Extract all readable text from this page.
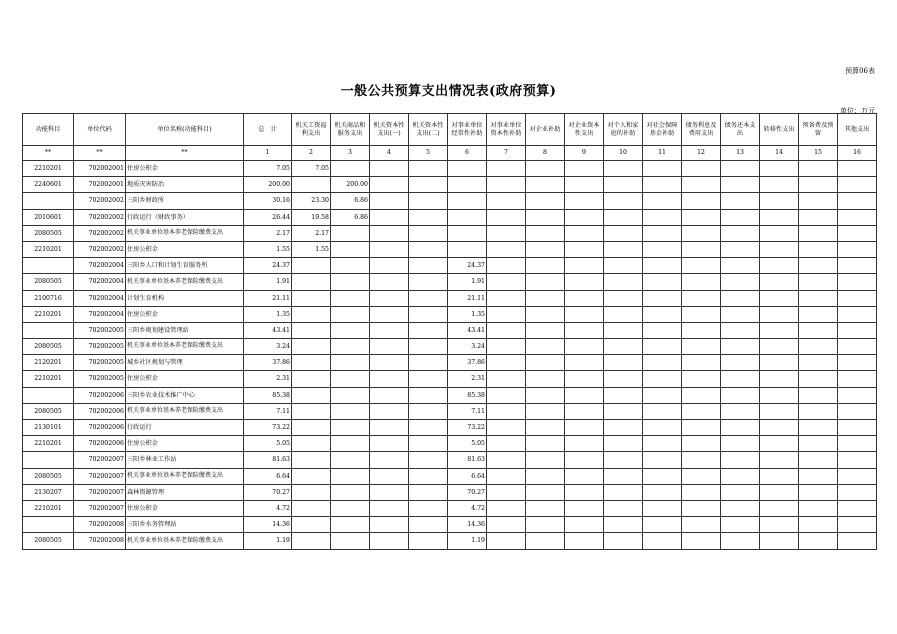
预算06表
一般公共预算支出情况表(政府预算)
单位：万元
功能科目	单位代码	单位名称(功能科目)	总　计	机关工资福利支出	机关商品和服务支出	机关资本性支出(一)	机关资本性支出(二)	对事业单位经常性补助	对事业单位资本性补助	对企业补助	对企业资本性支出	对个人和家庭的补助	对社会保障基金补助	债务利息及费用支出	债务还本支出	转移性支出	预备费及预留	其他支出
**	**	**	1	2	3	4	5	6	7	8	9	10	11	12	13	14	15	16
2210201	702002001	住房公积金	7.05	7.05														
2240601	702002001	地质灾害防治	200.00		200.00													
	702002002	三阳乡财政所	30.16	23.30	6.86													
2010601	702002002	行政运行（财政事务）	26.44	19.58	6.86													
2080505	702002002	机关事业单位基本养老保险缴费支出	2.17	2.17														
2210201	702002002	住房公积金	1.55	1.55														
	702002004	三阳乡人口和计划生育服务所	24.37					24.37										
2080505	702002004	机关事业单位基本养老保险缴费支出	1.91					1.91										
2100716	702002004	计划生育机构	21.11					21.11										
2210201	702002004	住房公积金	1.35					1.35										
	702002005	三阳乡规划建设管理站	43.41					43.41										
2080505	702002005	机关事业单位基本养老保险缴费支出	3.24					3.24										
2120201	702002005	城乡社区规划与管理	37.86					37.86										
2210201	702002005	住房公积金	2.31					2.31										
	702002006	三阳乡农业技术推广中心	85.38					85.38										
2080505	702002006	机关事业单位基本养老保险缴费支出	7.11					7.11										
2130101	702002006	行政运行	73.22					73.22										
2210201	702002006	住房公积金	5.05					5.05										
	702002007	三阳乡林业工作站	81.63					81.63										
2080505	702002007	机关事业单位基本养老保险缴费支出	6.64					6.64										
2130207	702002007	森林资源管理	70.27					70.27										
2210201	702002007	住房公积金	4.72					4.72										
	702002008	三阳乡水务管理站	14.36					14.36										
2080505	702002008	机关事业单位基本养老保险缴费支出	1.19					1.19										
